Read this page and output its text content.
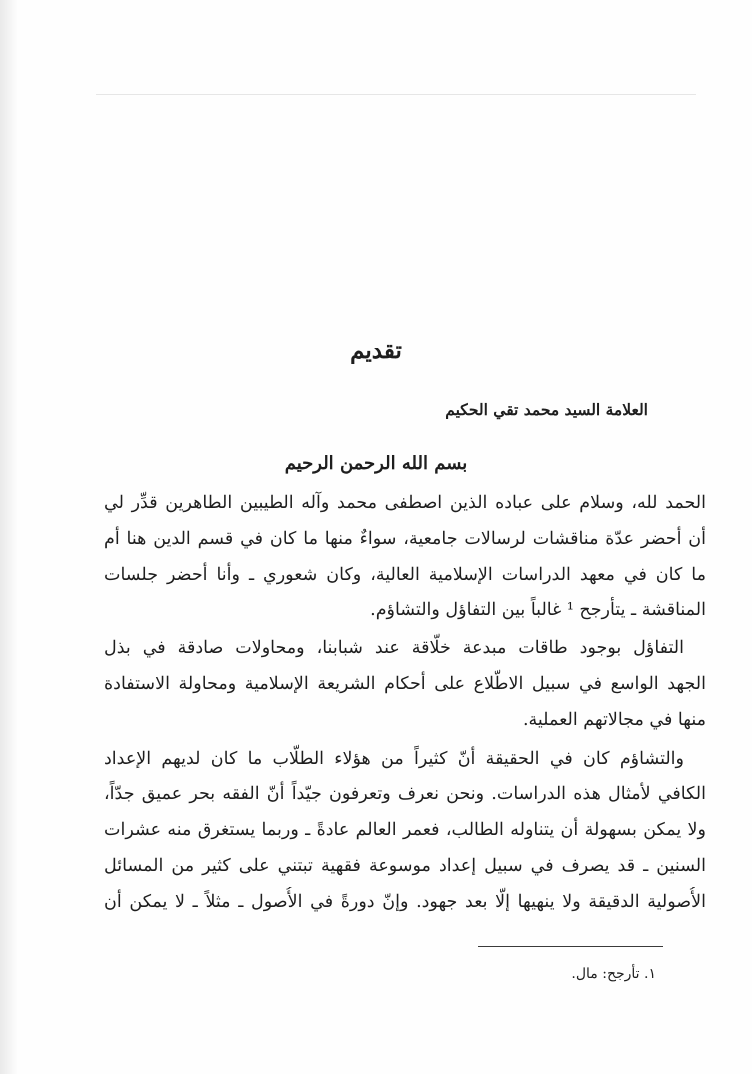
تقديم
العلامة السيد محمد تقي الحكيم
بسم الله الرحمن الرحيم
الحمد لله، وسلام على عباده الذين اصطفى محمد وآله الطيبين الطاهرين قدِّر لي
أن أحضر عدّة مناقشات لرسالات جامعية، سواءٌ منها ما كان في قسم الدين هنا أم
ما كان في معهد الدراسات الإسلامية العالية، وكان شعوري ـ وأنا أحضر جلسات
المناقشة ـ يتأرجح ¹ غالباً بين التفاؤل والتشاؤم.
التفاؤل بوجود طاقات مبدعة خلّاقة عند شبابنا، ومحاولات صادقة في بذل
الجهد الواسع في سبيل الاطّلاع على أحكام الشريعة الإسلامية ومحاولة الاستفادة
منها في مجالاتهم العملية.
والتشاؤم كان في الحقيقة أنّ كثيراً من هؤلاء الطلّاب ما كان لديهم الإعداد
الكافي لأمثال هذه الدراسات. ونحن نعرف وتعرفون جيّداً أنّ الفقه بحر عميق جدّاً،
ولا يمكن بسهولة أن يتناوله الطالب، فعمر العالم عادةً ـ وربما يستغرق منه عشرات
السنين ـ قد يصرف في سبيل إعداد موسوعة فقهية تبتني على كثير من المسائل
الأُصولية الدقيقة ولا ينهيها إلّا بعد جهود. وإنّ دورةً في الأُصول ـ مثلاً ـ لا يمكن أن
١. تأرجح: مال.
